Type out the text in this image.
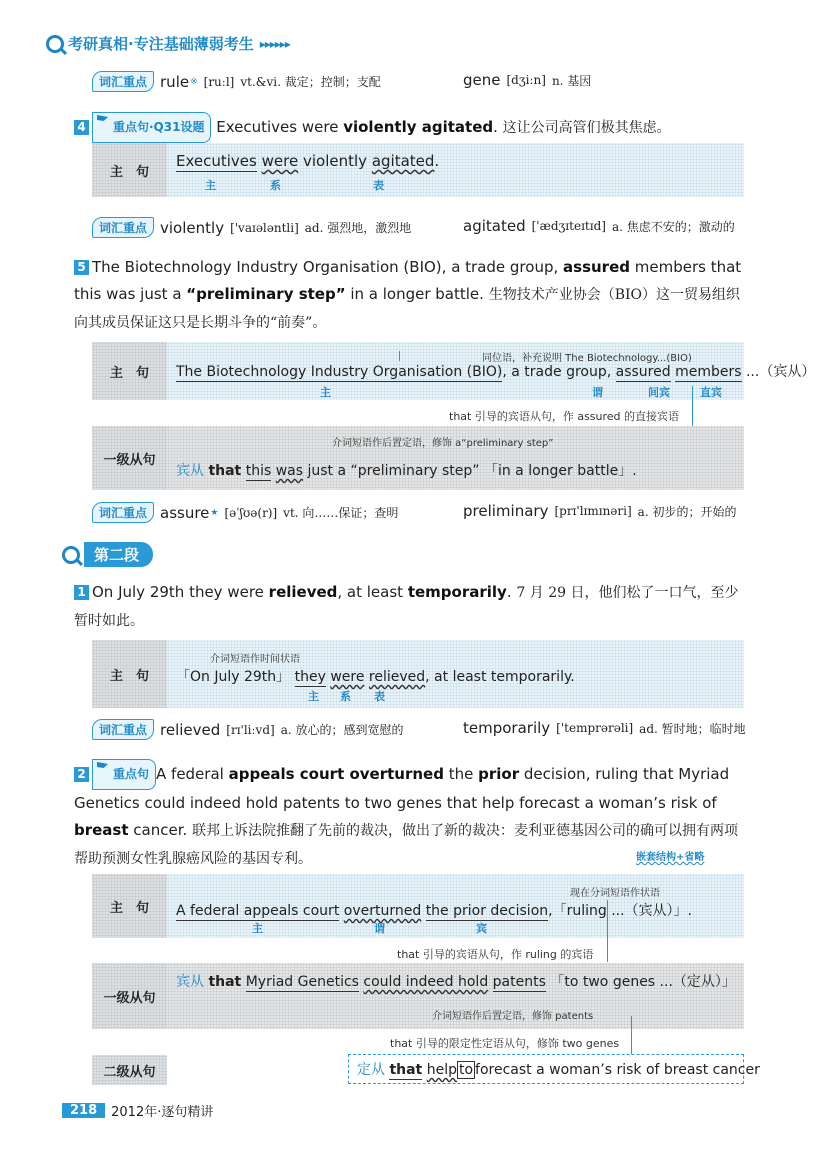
考研真相·专注基础薄弱考生 ▸▸▸▸▸▸
词汇重点 rule ※ [ruːl] vt.&vi. 裁定；控制；支配	gene [dʒiːn] n. 基因
4 重点句·Q31设题 Executives were violently agitated. 这让公司高管们极其焦虑。
主　句
Executives were violently agitated.
主	系	表
词汇重点 violently ['vaɪələntli] ad. 强烈地，激烈地	agitated ['ædʒɪteɪtɪd] a. 焦虑不安的；激动的
5 The Biotechnology Industry Organisation (BIO), a trade group, assured members that this was just a “preliminary step” in a longer battle. 生物技术产业协会（BIO）这一贸易组织向其成员保证这只是长期斗争的“前奏”。
主　句
同位语，补充说明 The Biotechnology...(BIO)
The Biotechnology Industry Organisation (BIO), a trade group, assured members ...（宾从）
主	谓	间宾	直宾
that 引导的宾语从句，作 assured 的直接宾语
一级从句
介词短语作后置定语，修饰 a“preliminary step”
宾从 that this was just a “preliminary step” 「in a longer battle」.
词汇重点 assure ★ [əˈʃʊə(r)] vt. 向……保证；查明	preliminary [prɪ'lɪmɪnəri] a. 初步的；开始的
第二段
1 On July 29th they were relieved, at least temporarily. 7 月 29 日，他们松了一口气，至少暂时如此。
主　句
介词短语作时间状语
「On July 29th」 they were relieved, at least temporarily.
主 系 表
词汇重点 relieved [rɪ'liːvd] a. 放心的；感到宽慰的	temporarily ['temprərəli] ad. 暂时地；临时地
2 重点句 A federal appeals court overturned the prior decision, ruling that Myriad Genetics could indeed hold patents to two genes that help forecast a woman’s risk of breast cancer. 联邦上诉法院推翻了先前的裁决，做出了新的裁决：麦利亚德基因公司的确可以拥有两项帮助预测女性乳腺癌风险的基因专利。	嵌套结构+省略
主　句
现在分词短语作状语
A federal appeals court overturned the prior decision,「ruling ...（宾从）」.
主	谓	宾
that 引导的宾语从句，作 ruling 的宾语
一级从句
宾从 that Myriad Genetics could indeed hold patents 「to two genes ...（定从）」
介词短语作后置定语，修饰 patents
that 引导的限定性定语从句，修饰 two genes
二级从句	定从 that help to forecast a woman’s risk of breast cancer
218	2012年·逐句精讲
